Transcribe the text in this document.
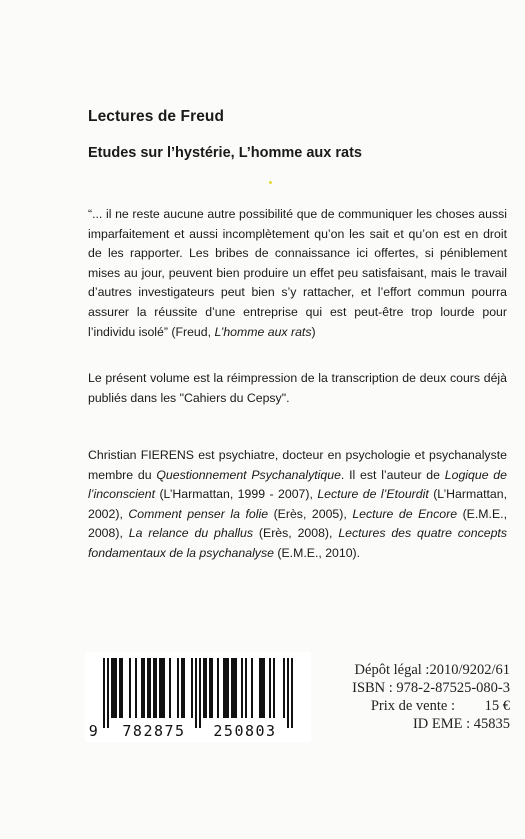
Lectures de Freud
Etudes sur l’hystérie, L’homme aux rats
“... il ne reste aucune autre possibilité que de communiquer les choses aussi imparfaitement et aussi incomplètement qu’on les sait et qu’on est en droit de les rapporter. Les bribes de connaissance ici offertes, si péniblement mises au jour, peuvent bien produire un effet peu satisfaisant, mais le travail d’autres investigateurs peut bien s’y rattacher, et l’effort commun pourra assurer la réussite d’une entreprise qui est peut-être trop lourde pour l’individu isolé” (Freud, L’homme aux rats)
Le présent volume est la réimpression de la transcription de deux cours déjà publiés dans les "Cahiers du Cepsy".
Christian FIERENS est psychiatre, docteur en psychologie et psychanalyste membre du Questionnement Psychanalytique. Il est l’auteur de Logique de l’inconscient (L’Harmattan, 1999 - 2007), Lecture de l’Etourdit (L’Harmattan, 2002), Comment penser la folie (Erès, 2005), Lecture de Encore (E.M.E., 2008), La relance du phallus (Erès, 2008), Lectures des quatre concepts fondamentaux de la psychanalyse (E.M.E., 2010).
9 782875 250803
Dépôt légal :2010/9202/61
ISBN : 978-2-87525-080-3
Prix de vente : 15 €
ID EME : 45835
